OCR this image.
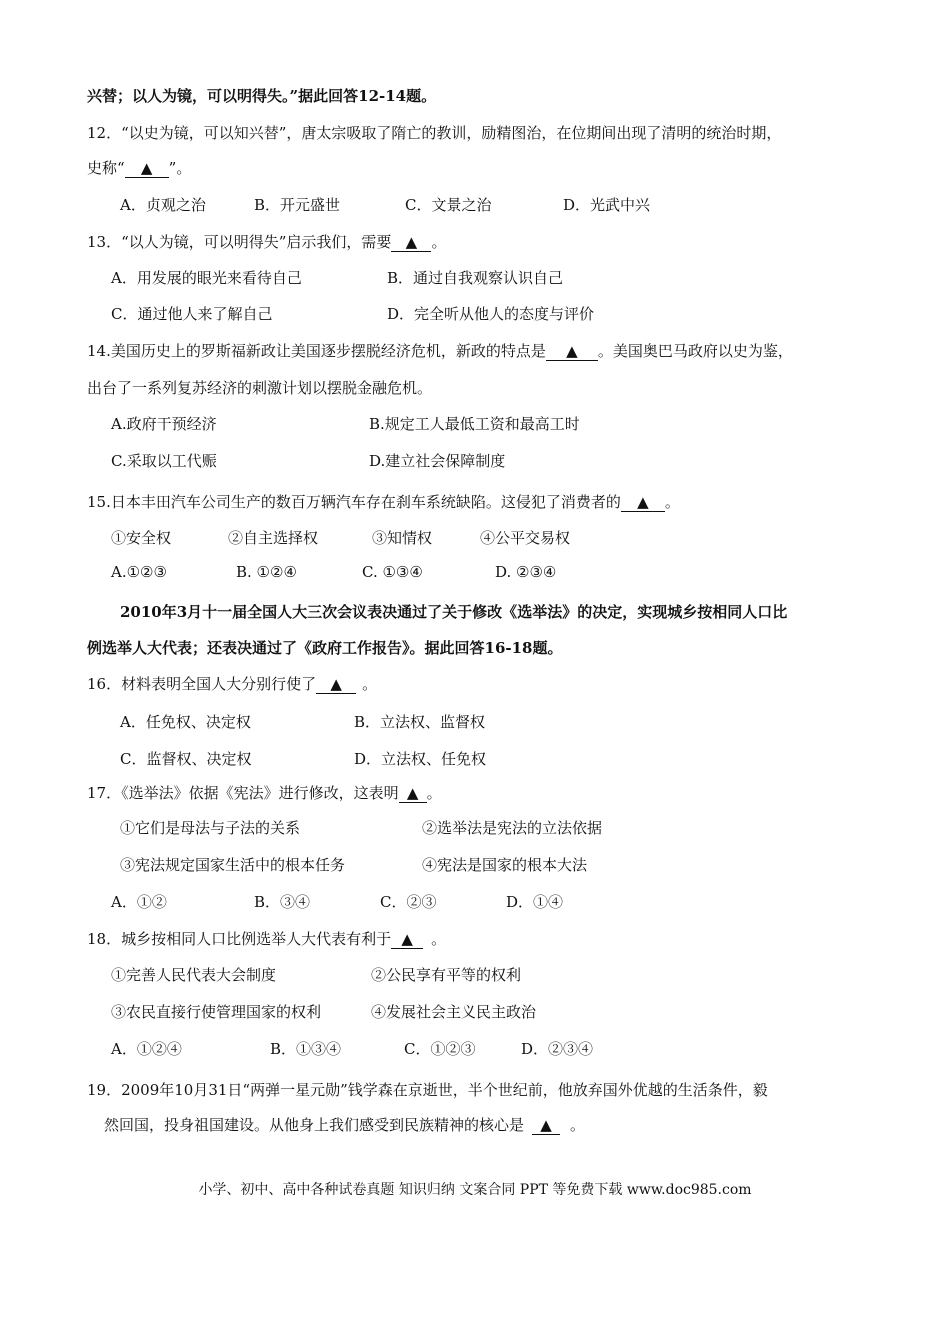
兴替；以人为镜，可以明得失。”据此回答12-14题。
12．“以史为镜，可以知兴替”，唐太宗吸取了隋亡的教训，励精图治，在位期间出现了清明的统治时期，
史称“ ▲ ”。
A．贞观之治	B．开元盛世	C．文景之治	D．光武中兴
13．“以人为镜，可以明得失”启示我们，需要 ▲ 。
A．用发展的眼光来看待自己	B．通过自我观察认识自己
C．通过他人来了解自己	D．完全听从他人的态度与评价
14.美国历史上的罗斯福新政让美国逐步摆脱经济危机，新政的特点是 ▲ 。美国奥巴马政府以史为鉴，
出台了一系列复苏经济的刺激计划以摆脱金融危机。
A.政府干预经济	B.规定工人最低工资和最高工时
C.采取以工代赈	D.建立社会保障制度
15.日本丰田汽车公司生产的数百万辆汽车存在刹车系统缺陷。这侵犯了消费者的 ▲ 。
①安全权	②自主选择权	③知情权	④公平交易权
A.①②③	B. ①②④	C. ①③④	D. ②③④
2010年3月十一届全国人大三次会议表决通过了关于修改《选举法》的决定，实现城乡按相同人口比
例选举人大代表；还表决通过了《政府工作报告》。据此回答16-18题。
16．材料表明全国人大分别行使了 ▲ 。
A．任免权、决定权	B．立法权、监督权
C．监督权、决定权	D．立法权、任免权
17．《选举法》依据《宪法》进行修改，这表明 ▲ 。
①它们是母法与子法的关系	②选举法是宪法的立法依据
③宪法规定国家生活中的根本任务	④宪法是国家的根本大法
A．①②	B．③④	C．②③	D．①④
18．城乡按相同人口比例选举人大代表有利于 ▲ 。
①完善人民代表大会制度	②公民享有平等的权利
③农民直接行使管理国家的权利	④发展社会主义民主政治
A．①②④	B．①③④	C．①②③	D．②③④
19．2009年10月31日“两弹一星元勋”钱学森在京逝世，半个世纪前，他放弃国外优越的生活条件，毅
然回国，投身祖国建设。从他身上我们感受到民族精神的核心是 ▲ 。
小学、初中、高中各种试卷真题 知识归纳 文案合同 PPT 等免费下载 www.doc985.com
